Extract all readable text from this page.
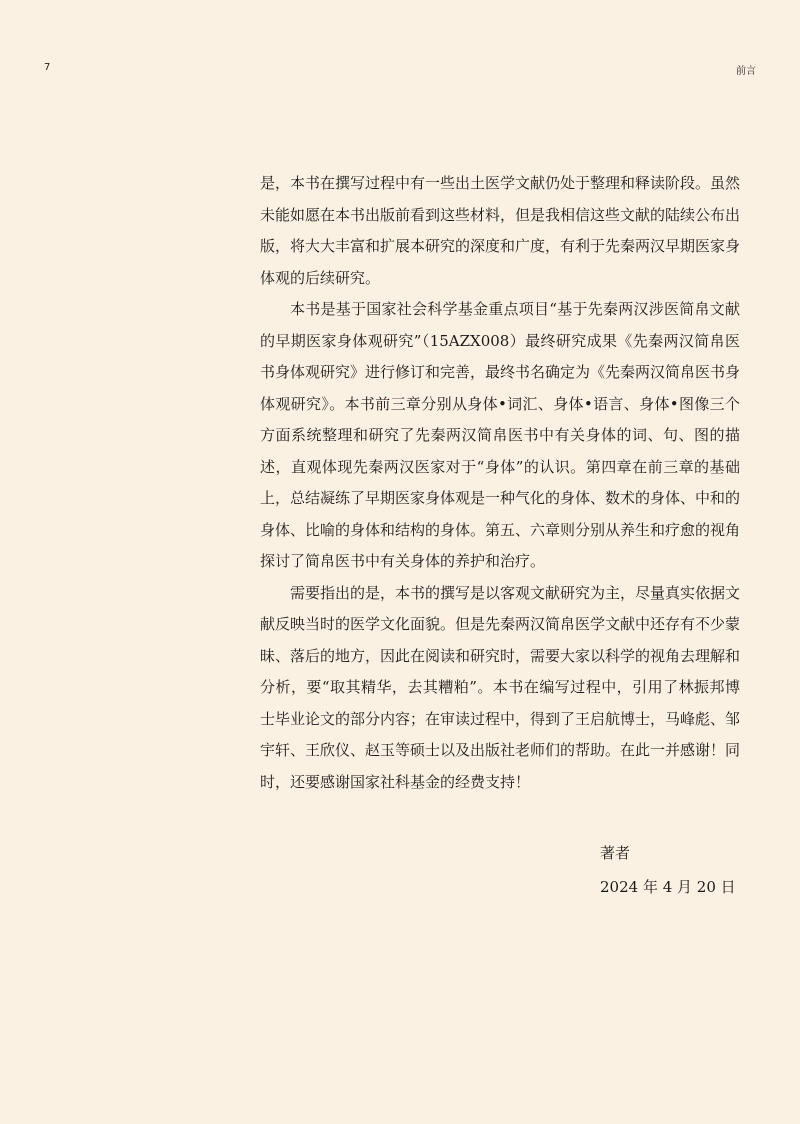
7	前言

是，本书在撰写过程中有一些出土医学文献仍处于整理和释读阶段。虽然未能如愿在本书出版前看到这些材料，但是我相信这些文献的陆续公布出版，将大大丰富和扩展本研究的深度和广度，有利于先秦两汉早期医家身体观的后续研究。

本书是基于国家社会科学基金重点项目“基于先秦两汉涉医简帛文献的早期医家身体观研究”（15AZX008）最终研究成果《先秦两汉简帛医书身体观研究》进行修订和完善，最终书名确定为《先秦两汉简帛医书身体观研究》。本书前三章分别从身体•词汇、身体•语言、身体•图像三个方面系统整理和研究了先秦两汉简帛医书中有关身体的词、句、图的描述，直观体现先秦两汉医家对于“身体”的认识。第四章在前三章的基础上，总结凝练了早期医家身体观是一种气化的身体、数术的身体、中和的身体、比喻的身体和结构的身体。第五、六章则分别从养生和疗愈的视角探讨了简帛医书中有关身体的养护和治疗。

需要指出的是，本书的撰写是以客观文献研究为主，尽量真实依据文献反映当时的医学文化面貌。但是先秦两汉简帛医学文献中还存有不少蒙昧、落后的地方，因此在阅读和研究时，需要大家以科学的视角去理解和分析，要“取其精华，去其糟粕”。本书在编写过程中，引用了林振邦博士毕业论文的部分内容；在审读过程中，得到了王启航博士，马峰彪、邹宇轩、王欣仪、赵玉等硕士以及出版社老师们的帮助。在此一并感谢！同时，还要感谢国家社科基金的经费支持！

著者
2024 年 4 月 20 日
